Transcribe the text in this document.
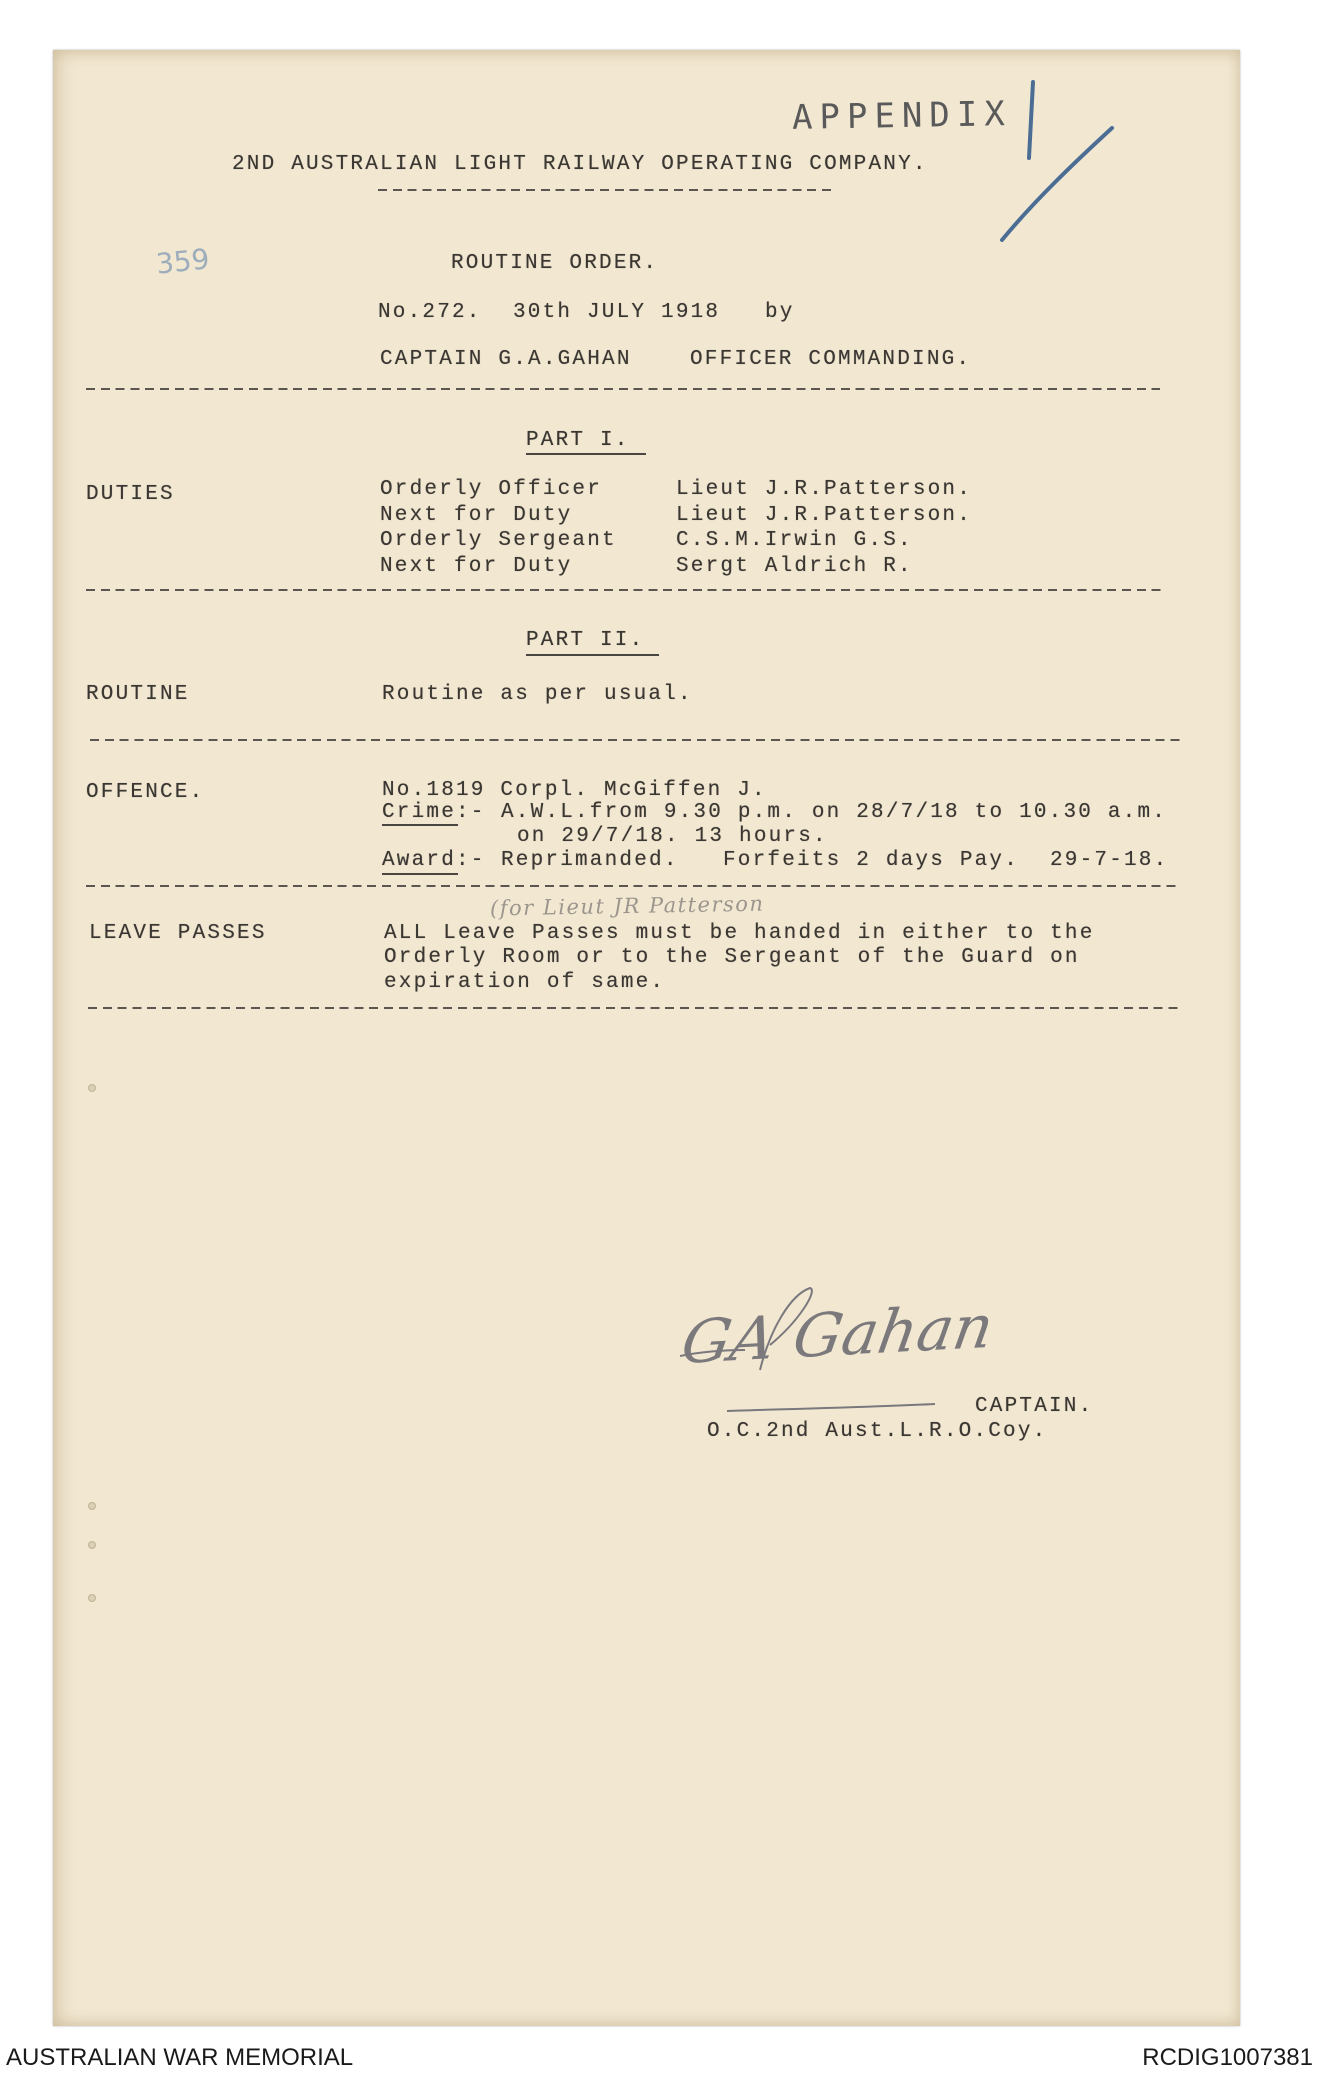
APPENDIX
359
2ND AUSTRALIAN LIGHT RAILWAY OPERATING COMPANY.
ROUTINE ORDER.
No.272. 30th JULY 1918 by
CAPTAIN G.A.GAHAN	OFFICER COMMANDING.
PART I.
DUTIES	Orderly Officer	Lieut J.R.Patterson.
Next for Duty	Lieut J.R.Patterson.
Orderly Sergeant	C.S.M.Irwin G.S.
Next for Duty	Sergt Aldrich R.
PART II.
ROUTINE	Routine as per usual.
OFFENCE.	No.1819 Corpl. McGiffen J.
Crime:- A.W.L.from 9.30 p.m. on 28/7/18 to 10.30 a.m.
on 29/7/18. 13 hours.
Award:- Reprimanded. Forfeits 2 days Pay. 29-7-18.
(for Lieut JR Patterson
LEAVE PASSES	ALL Leave Passes must be handed in either to the
Orderly Room or to the Sergeant of the Guard on
expiration of same.
GA Gahan
CAPTAIN.
O.C.2nd Aust.L.R.O.Coy.
AUSTRALIAN WAR MEMORIAL	RCDIG1007381
